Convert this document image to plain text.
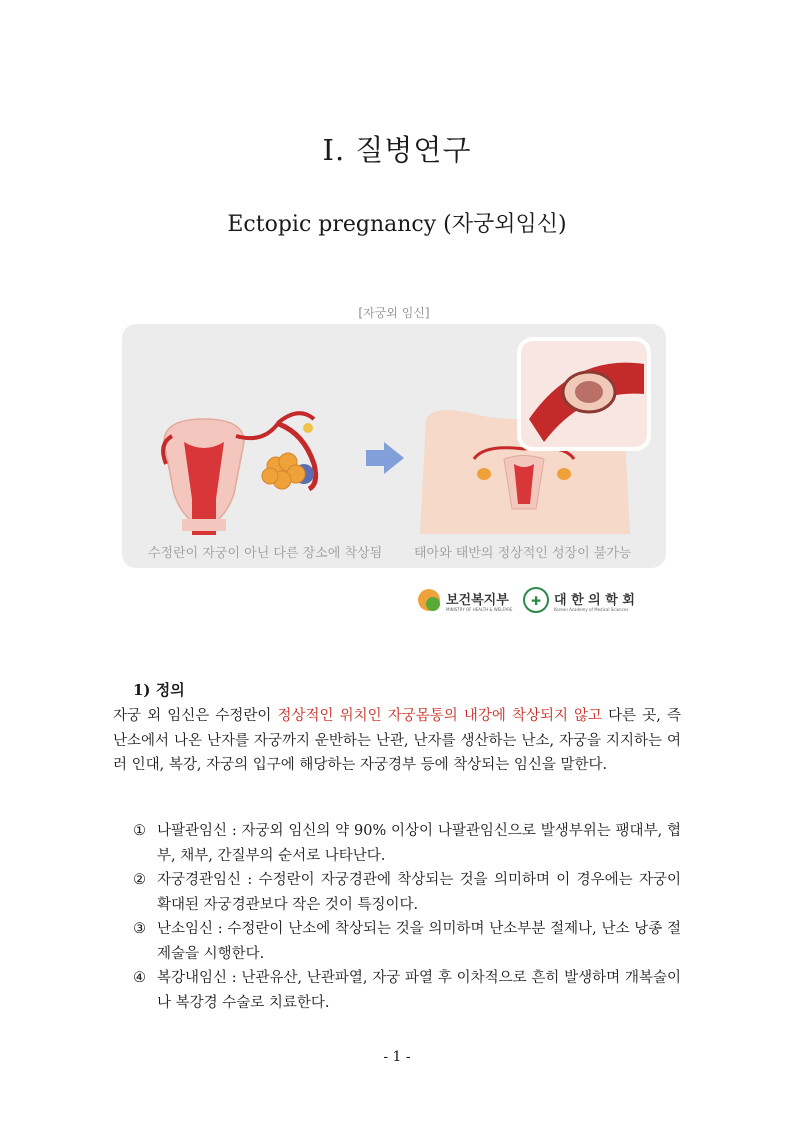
Ⅰ. 질병연구
Ectopic pregnancy (자궁외임신)
[자궁외 임신]
수정란이 자궁이 아닌 다른 장소에 착상됨 태아와 태반의 정상적인 성장이 불가능
보건복지부
MINISTRY OF HEALTH & WELFARE
✚ 대 한 의 학 회
Korean Academy of Medical Sciences
1) 정의

자궁 외 임신은 수정란이 정상적인 위치인 자궁몸통의 내강에 착상되지 않고 다른 곳, 즉 난소에서 나온 난자를 자궁까지 운반하는 난관, 난자를 생산하는 난소, 자궁을 지지하는 여러 인대, 복강, 자궁의 입구에 해당하는 자궁경부 등에 착상되는 임신을 말한다.

① 나팔관임신 : 자궁외 임신의 약 90% 이상이 나팔관임신으로 발생부위는 팽대부, 협부, 채부, 간질부의 순서로 나타난다.
② 자궁경관임신 : 수정란이 자궁경관에 착상되는 것을 의미하며 이 경우에는 자궁이 확대된 자궁경관보다 작은 것이 특징이다.
③ 난소임신 : 수정란이 난소에 착상되는 것을 의미하며 난소부분 절제나, 난소 낭종 절제술을 시행한다.
④ 복강내임신 : 난관유산, 난관파열, 자궁 파열 후 이차적으로 흔히 발생하며 개복술이나 복강경 수술로 치료한다.
- 1 -
